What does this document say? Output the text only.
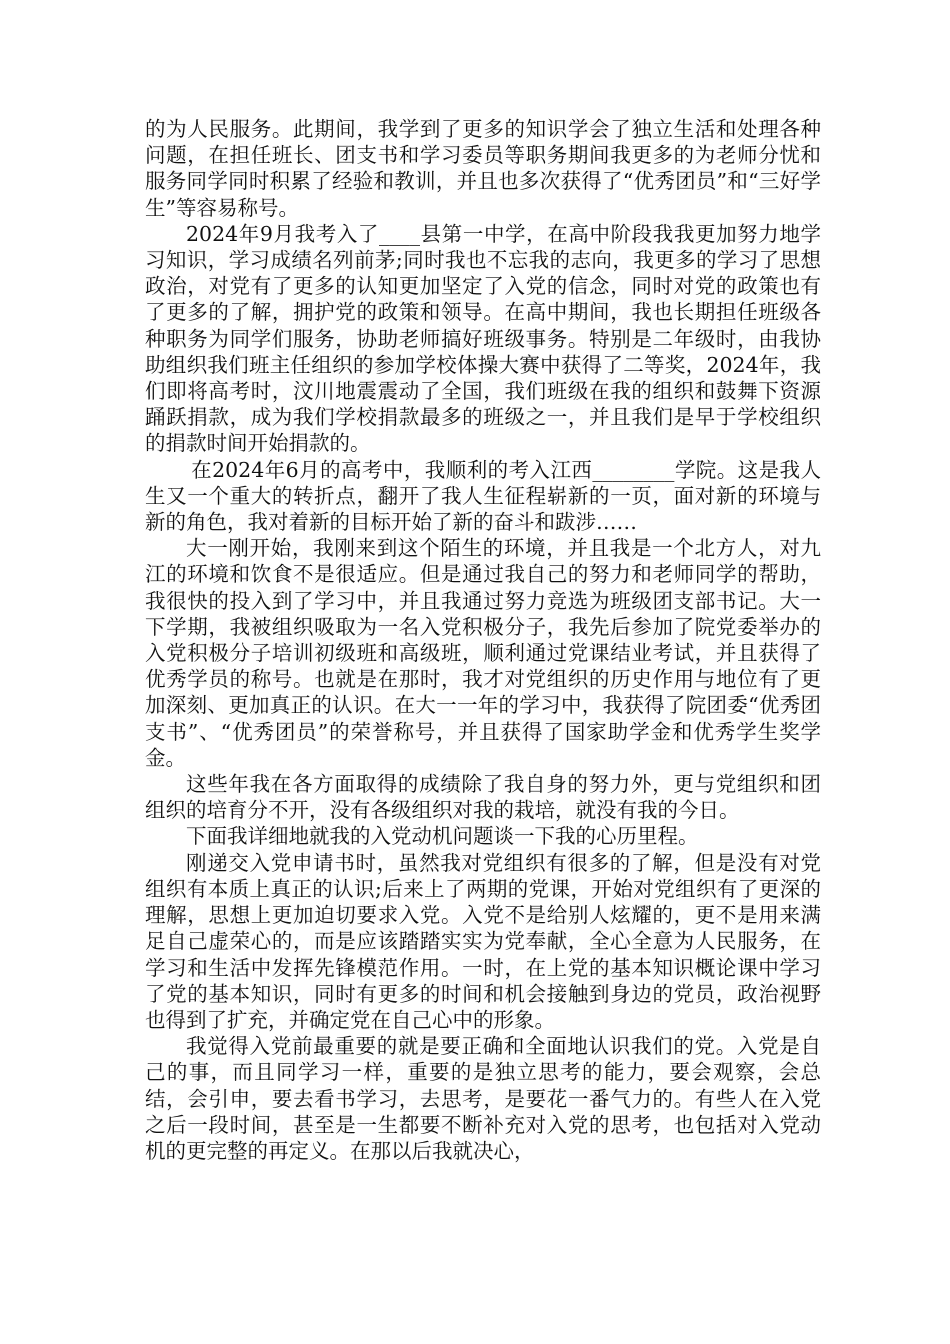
的为人民服务。此期间，我学到了更多的知识学会了独立生活和处理各种问题，在担任班长、团支书和学习委员等职务期间我更多的为老师分忧和服务同学同时积累了经验和教训，并且也多次获得了“优秀团员”和“三好学生”等容易称号。

2024年9月我考入了____县第一中学，在高中阶段我我更加努力地学习知识，学习成绩名列前茅;同时我也不忘我的志向，我更多的学习了思想政治，对党有了更多的认知更加坚定了入党的信念，同时对党的政策也有了更多的了解，拥护党的政策和领导。在高中期间，我也长期担任班级各种职务为同学们服务，协助老师搞好班级事务。特别是二年级时，由我协助组织我们班主任组织的参加学校体操大赛中获得了二等奖，2024年，我们即将高考时，汶川地震震动了全国，我们班级在我的组织和鼓舞下资源踊跃捐款，成为我们学校捐款最多的班级之一，并且我们是早于学校组织的捐款时间开始捐款的。

在2024年6月的高考中，我顺利的考入江西________学院。这是我人生又一个重大的转折点，翻开了我人生征程崭新的一页，面对新的环境与新的角色，我对着新的目标开始了新的奋斗和跋涉……

大一刚开始，我刚来到这个陌生的环境，并且我是一个北方人，对九江的环境和饮食不是很适应。但是通过我自己的努力和老师同学的帮助，我很快的投入到了学习中，并且我通过努力竞选为班级团支部书记。大一下学期，我被组织吸取为一名入党积极分子，我先后参加了院党委举办的入党积极分子培训初级班和高级班，顺利通过党课结业考试，并且获得了优秀学员的称号。也就是在那时，我才对党组织的历史作用与地位有了更加深刻、更加真正的认识。在大一一年的学习中，我获得了院团委“优秀团支书”、“优秀团员”的荣誉称号，并且获得了国家助学金和优秀学生奖学金。

这些年我在各方面取得的成绩除了我自身的努力外，更与党组织和团组织的培育分不开，没有各级组织对我的栽培，就没有我的今日。

下面我详细地就我的入党动机问题谈一下我的心历里程。

刚递交入党申请书时，虽然我对党组织有很多的了解，但是没有对党组织有本质上真正的认识;后来上了两期的党课，开始对党组织有了更深的理解，思想上更加迫切要求入党。入党不是给别人炫耀的，更不是用来满足自己虚荣心的，而是应该踏踏实实为党奉献，全心全意为人民服务，在学习和生活中发挥先锋模范作用。一时，在上党的基本知识概论课中学习了党的基本知识，同时有更多的时间和机会接触到身边的党员，政治视野也得到了扩充，并确定党在自己心中的形象。

我觉得入党前最重要的就是要正确和全面地认识我们的党。入党是自己的事，而且同学习一样，重要的是独立思考的能力，要会观察，会总结，会引申，要去看书学习，去思考，是要花一番气力的。有些人在入党之后一段时间，甚至是一生都要不断补充对入党的思考，也包括对入党动机的更完整的再定义。在那以后我就决心，
